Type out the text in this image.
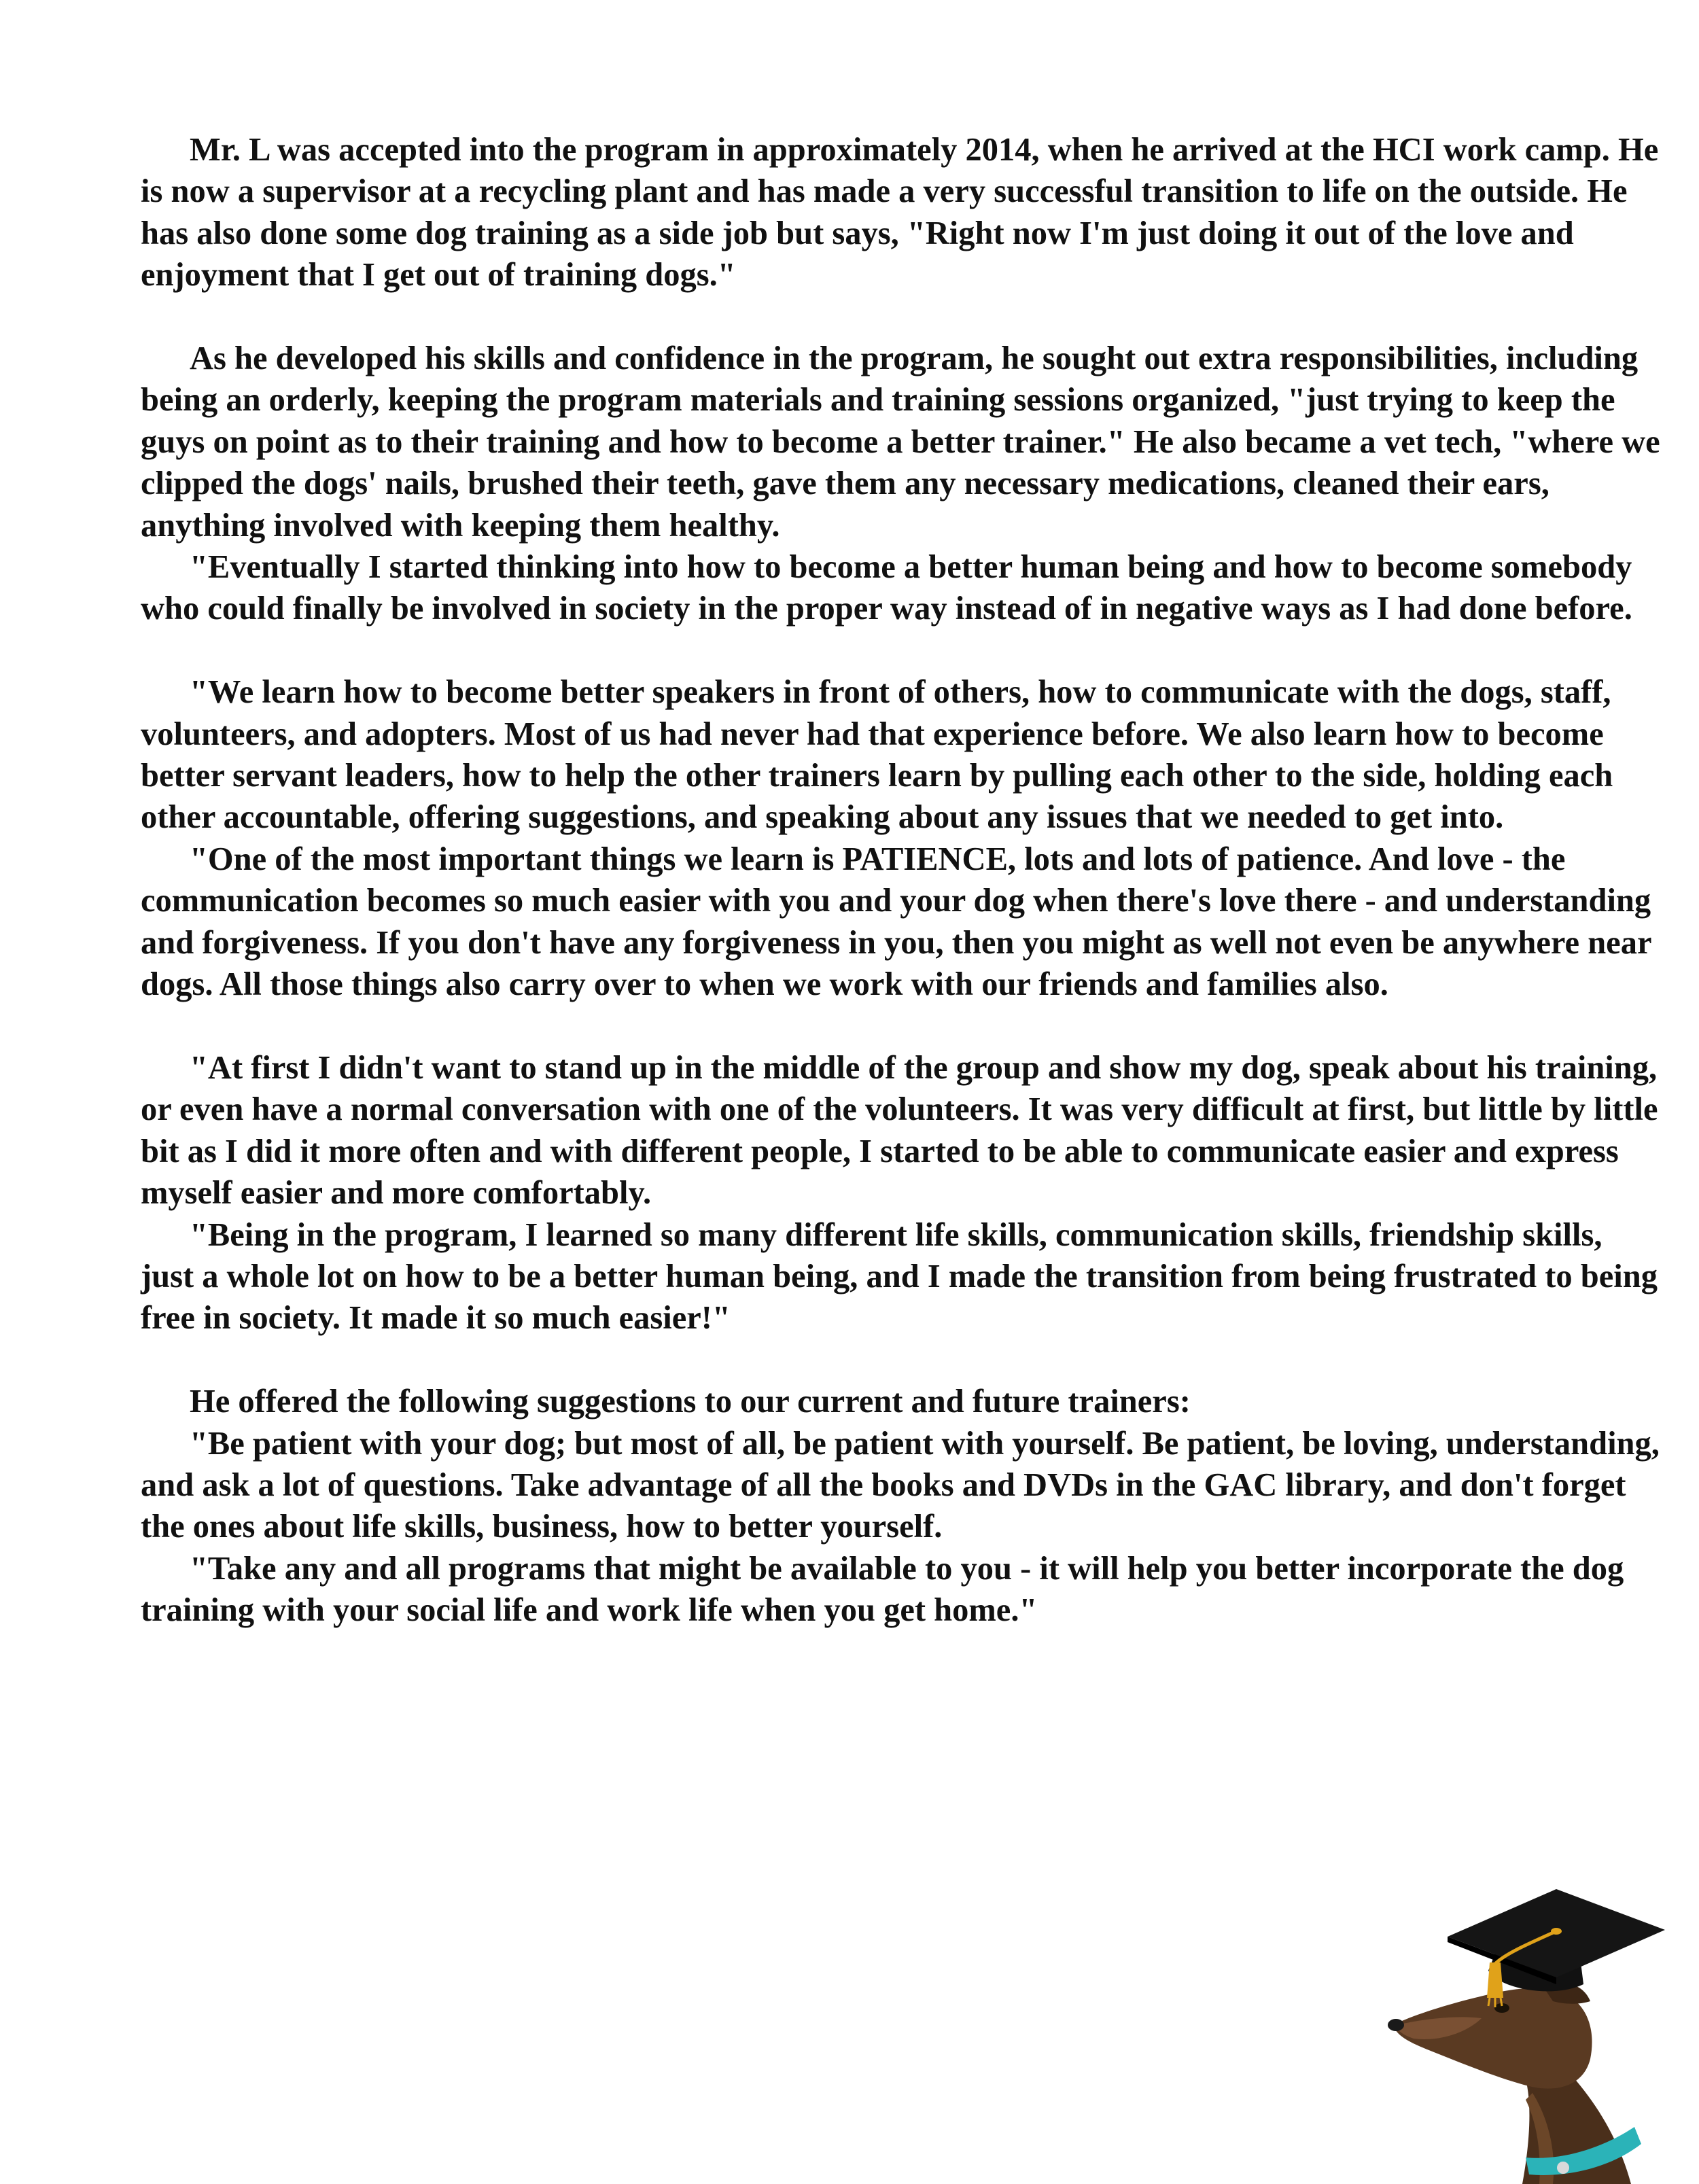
Mr. L was accepted into the program in approximately 2014, when he arrived at the HCI work camp. He is now a supervisor at a recycling plant and has made a very successful transition to life on the outside. He has also done some dog training as a side job but says, "Right now I'm just doing it out of the love and enjoyment that I get out of training dogs."

As he developed his skills and confidence in the program, he sought out extra responsibilities, including being an orderly, keeping the program materials and training sessions organized, "just trying to keep the guys on point as to their training and how to become a better trainer." He also became a vet tech, "where we clipped the dogs' nails, brushed their teeth, gave them any necessary medications, cleaned their ears, anything involved with keeping them healthy.

"Eventually I started thinking into how to become a better human being and how to become somebody who could finally be involved in society in the proper way instead of in negative ways as I had done before.

"We learn how to become better speakers in front of others, how to communicate with the dogs, staff, volunteers, and adopters. Most of us had never had that experience before. We also learn how to become better servant leaders, how to help the other trainers learn by pulling each other to the side, holding each other accountable, offering suggestions, and speaking about any issues that we needed to get into.

"One of the most important things we learn is PATIENCE, lots and lots of patience. And love - the communication becomes so much easier with you and your dog when there's love there - and understanding and forgiveness. If you don't have any forgiveness in you, then you might as well not even be anywhere near dogs. All those things also carry over to when we work with our friends and families also.

"At first I didn't want to stand up in the middle of the group and show my dog, speak about his training, or even have a normal conversation with one of the volunteers. It was very difficult at first, but little by little bit as I did it more often and with different people, I started to be able to communicate easier and express myself easier and more comfortably.

"Being in the program, I learned so many different life skills, communication skills, friendship skills, just a whole lot on how to be a better human being, and I made the transition from being frustrated to being free in society. It made it so much easier!"

He offered the following suggestions to our current and future trainers:

"Be patient with your dog; but most of all, be patient with yourself. Be patient, be loving, understanding, and ask a lot of questions. Take advantage of all the books and DVDs in the GAC library, and don't forget the ones about life skills, business, how to better yourself.

"Take any and all programs that might be available to you - it will help you better incorporate the dog training with your social life and work life when you get home."
